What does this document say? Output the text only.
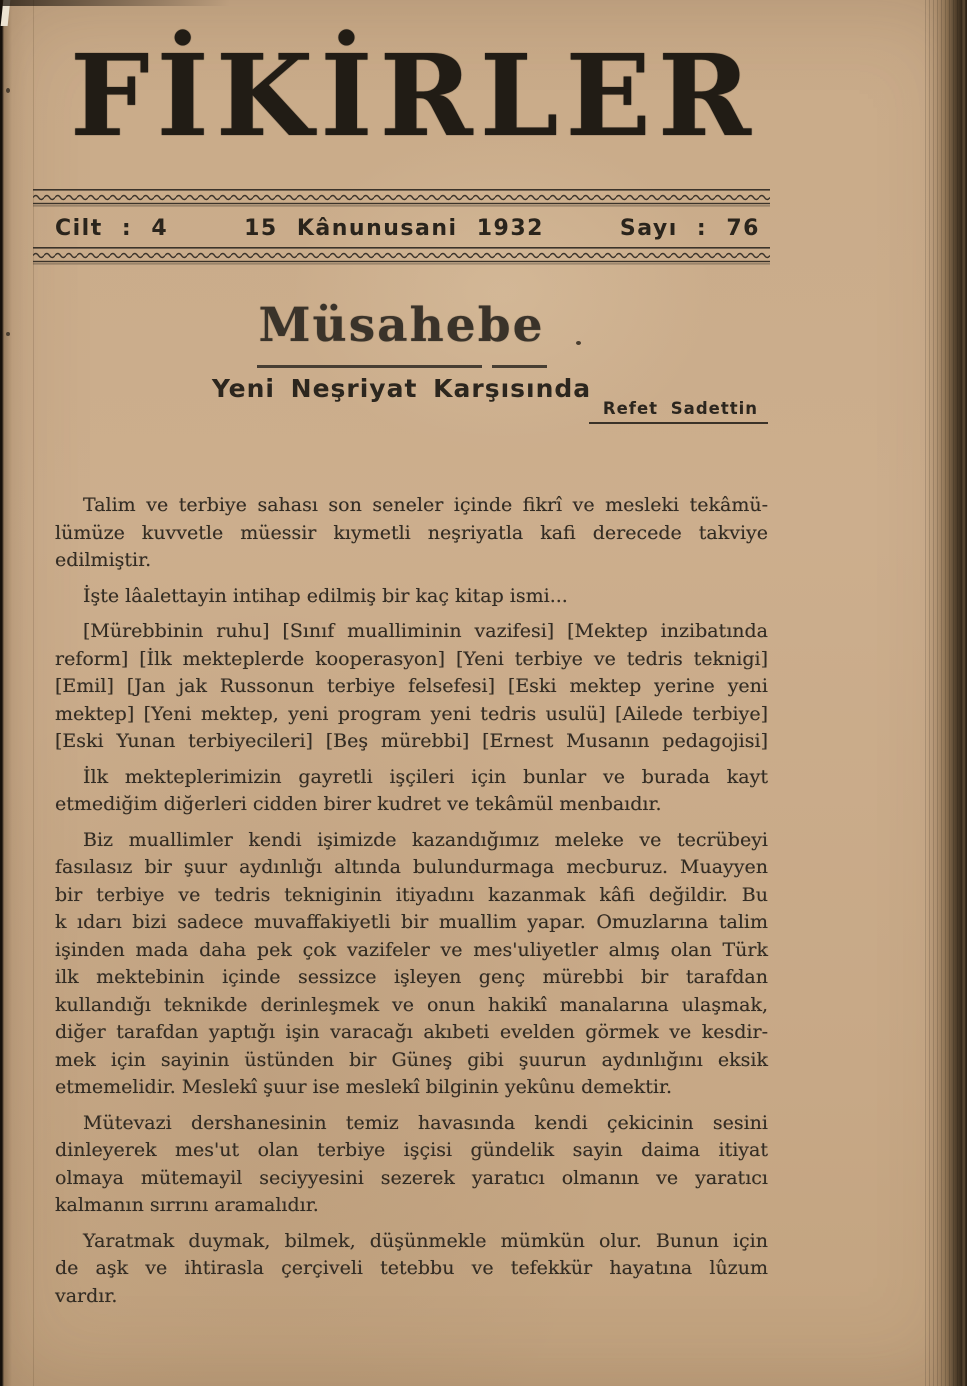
FİKİRLER
Cilt : 4	15 Kânunusani 1932	Sayı : 76
Müsahebe
Yeni Neşriyat Karşısında
Refet Sadettin
Talim ve terbiye sahası son seneler içinde fikrî ve mesleki tekâmü-
lümüze kuvvetle müessir kıymetli neşriyatla kafi derecede takviye
edilmiştir.
İşte lâalettayin intihap edilmiş bir kaç kitap ismi...
[Mürebbinin ruhu] [Sınıf mualliminin vazifesi] [Mektep inzibatında
reform] [İlk mekteplerde kooperasyon] [Yeni terbiye ve tedris teknigi]
[Emil] [Jan jak Russonun terbiye felsefesi] [Eski mektep yerine yeni
mektep] [Yeni mektep, yeni program yeni tedris usulü] [Ailede terbiye]
[Eski Yunan terbiyecileri] [Beş mürebbi] [Ernest Musanın pedagojisi]
İlk mekteplerimizin gayretli işçileri için bunlar ve burada kayt
etmediğim diğerleri cidden birer kudret ve tekâmül menbaıdır.
Biz muallimler kendi işimizde kazandığımız meleke ve tecrübeyi
fasılasız bir şuur aydınlığı altında bulundurmaga mecburuz. Muayyen
bir terbiye ve tedris tekniginin itiyadını kazanmak kâfi değildir. Bu
k ıdarı bizi sadece muvaffakiyetli bir muallim yapar. Omuzlarına talim
işinden mada daha pek çok vazifeler ve mes'uliyetler almış olan Türk
ilk mektebinin içinde sessizce işleyen genç mürebbi bir tarafdan
kullandığı teknikde derinleşmek ve onun hakikî manalarına ulaşmak,
diğer tarafdan yaptığı işin varacağı akıbeti evelden görmek ve kesdir-
mek için sayinin üstünden bir Güneş gibi şuurun aydınlığını eksik
etmemelidir. Meslekî şuur ise meslekî bilginin yekûnu demektir.
Mütevazi dershanesinin temiz havasında kendi çekicinin sesini
dinleyerek mes'ut olan terbiye işçisi gündelik sayin daima itiyat
olmaya mütemayil seciyyesini sezerek yaratıcı olmanın ve yaratıcı
kalmanın sırrını aramalıdır.
Yaratmak duymak, bilmek, düşünmekle mümkün olur. Bunun için
de aşk ve ihtirasla çerçiveli tetebbu ve tefekkür hayatına lûzum
vardır.
